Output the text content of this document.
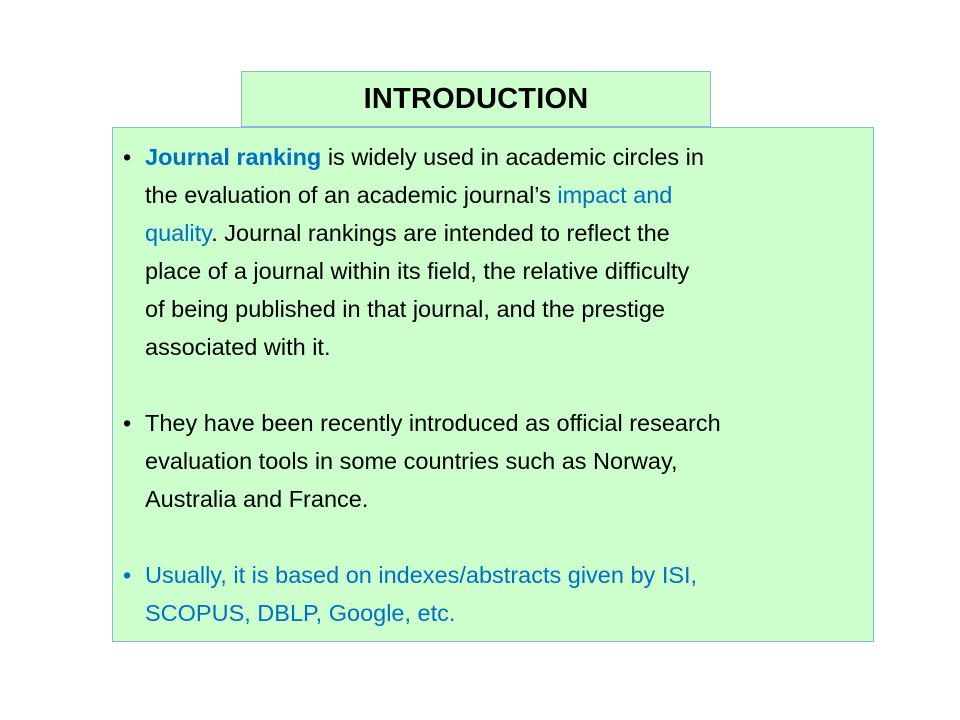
INTRODUCTION
• Journal ranking is widely used in academic circles in
the evaluation of an academic journal’s impact and
quality. Journal rankings are intended to reflect the
place of a journal within its field, the relative difficulty
of being published in that journal, and the prestige
associated with it.
• They have been recently introduced as official research
evaluation tools in some countries such as Norway,
Australia and France.
• Usually, it is based on indexes/abstracts given by ISI,
SCOPUS, DBLP, Google, etc.
